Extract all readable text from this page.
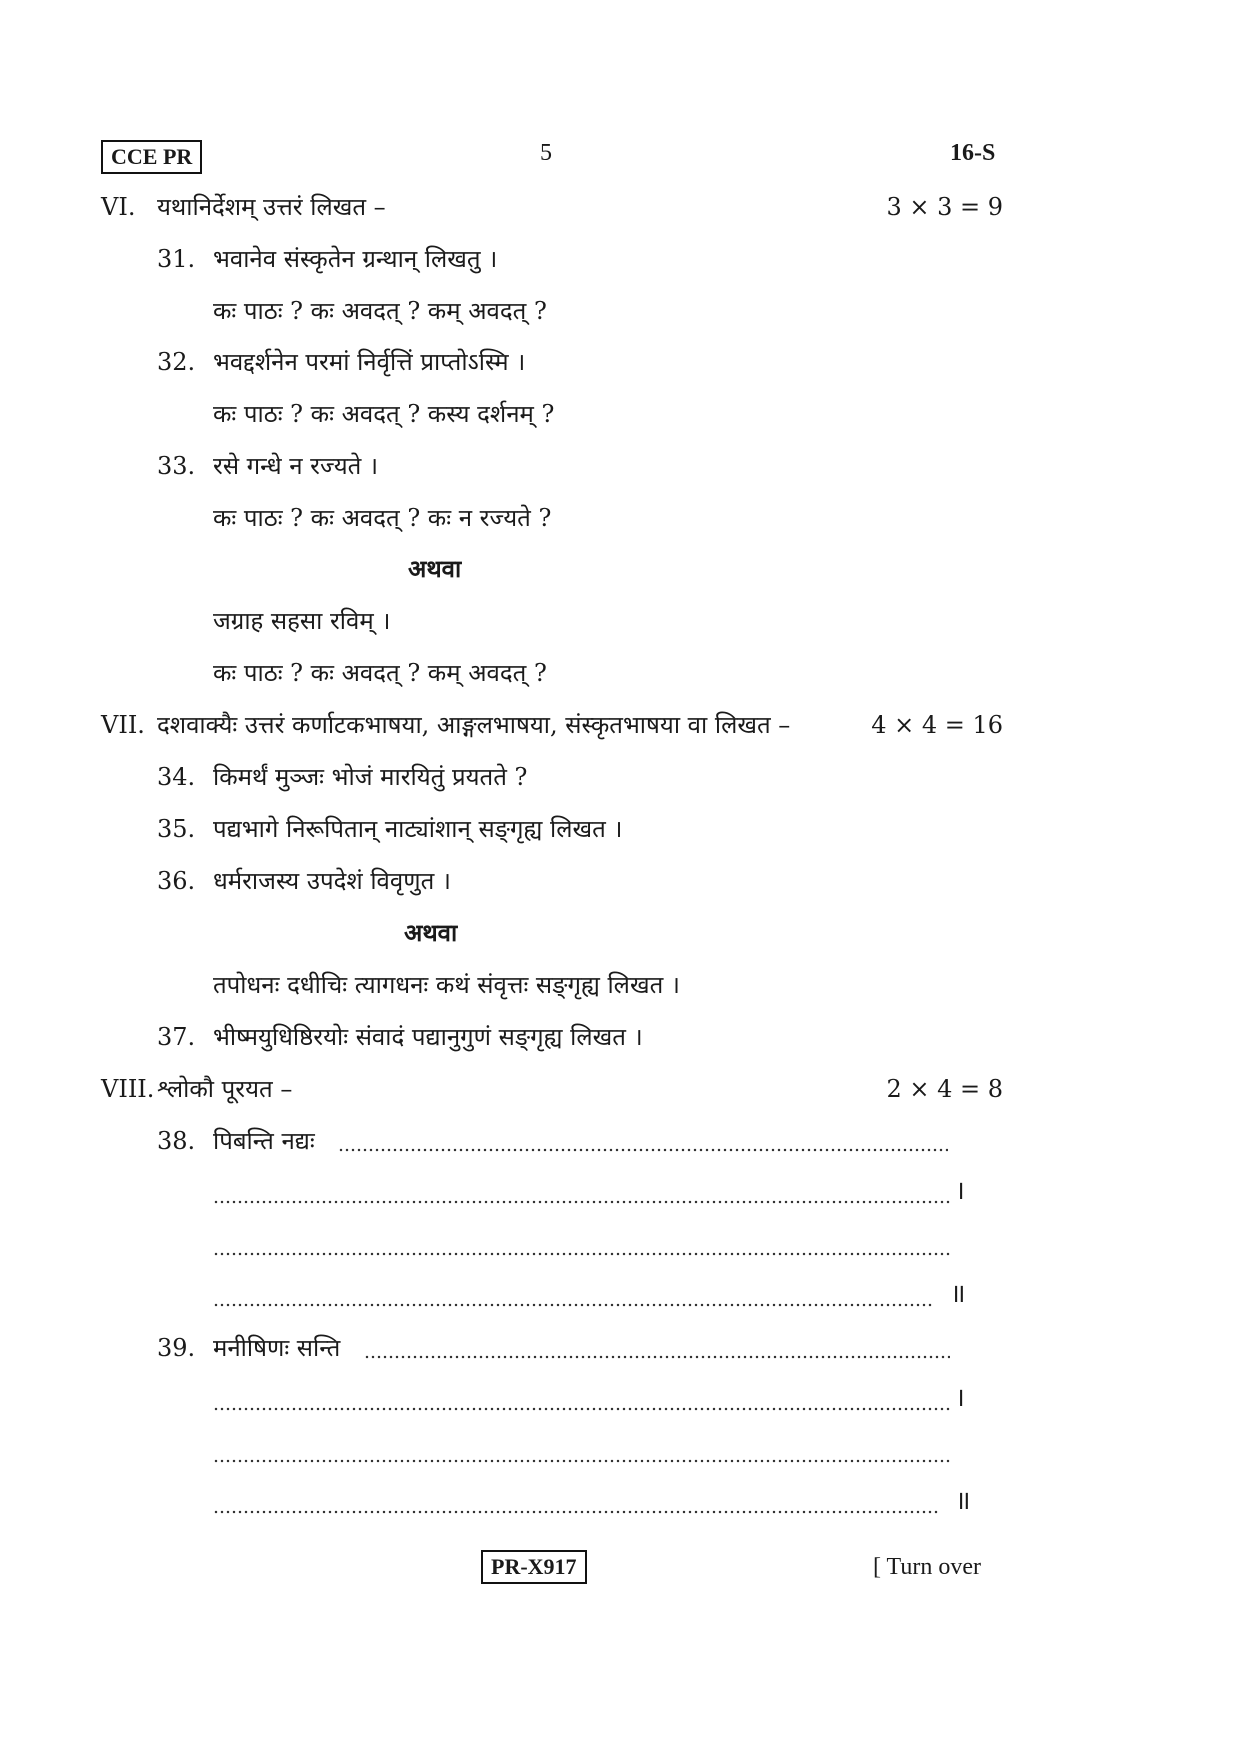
CCE PR	5	16-S
VI. यथानिर्देशम् उत्तरं लिखत –	3 × 3 = 9
31. भवानेव संस्कृतेन ग्रन्थान् लिखतु ।
कः पाठः ? कः अवदत् ? कम् अवदत् ?
32. भवद्दर्शनेन परमां निर्वृत्तिं प्राप्तोऽस्मि ।
कः पाठः ? कः अवदत् ? कस्य दर्शनम् ?
33. रसे गन्धे न रज्यते ।
कः पाठः ? कः अवदत् ? कः न रज्यते ?
अथवा
जग्राह सहसा रविम् ।
कः पाठः ? कः अवदत् ? कम् अवदत् ?
VII. दशवाक्यैः उत्तरं कर्णाटकभाषया, आङ्गलभाषया, संस्कृतभाषया वा लिखत –	4 × 4 = 16
34. किमर्थं मुञ्जः भोजं मारयितुं प्रयतते ?
35. पद्यभागे निरूपितान् नाट्यांशान् सङ्गृह्य लिखत ।
36. धर्मराजस्य उपदेशं विवृणुत ।
अथवा
तपोधनः दधीचिः त्यागधनः कथं संवृत्तः सङ्गृह्य लिखत ।
37. भीष्मयुधिष्ठिरयोः संवादं पद्यानुगुणं सङ्गृह्य लिखत ।
VIII. श्लोकौ पूरयत –	2 × 4 = 8
38. पिबन्ति नद्यः
।
॥
39. मनीषिणः सन्ति
।
॥
PR-X917	[ Turn over
